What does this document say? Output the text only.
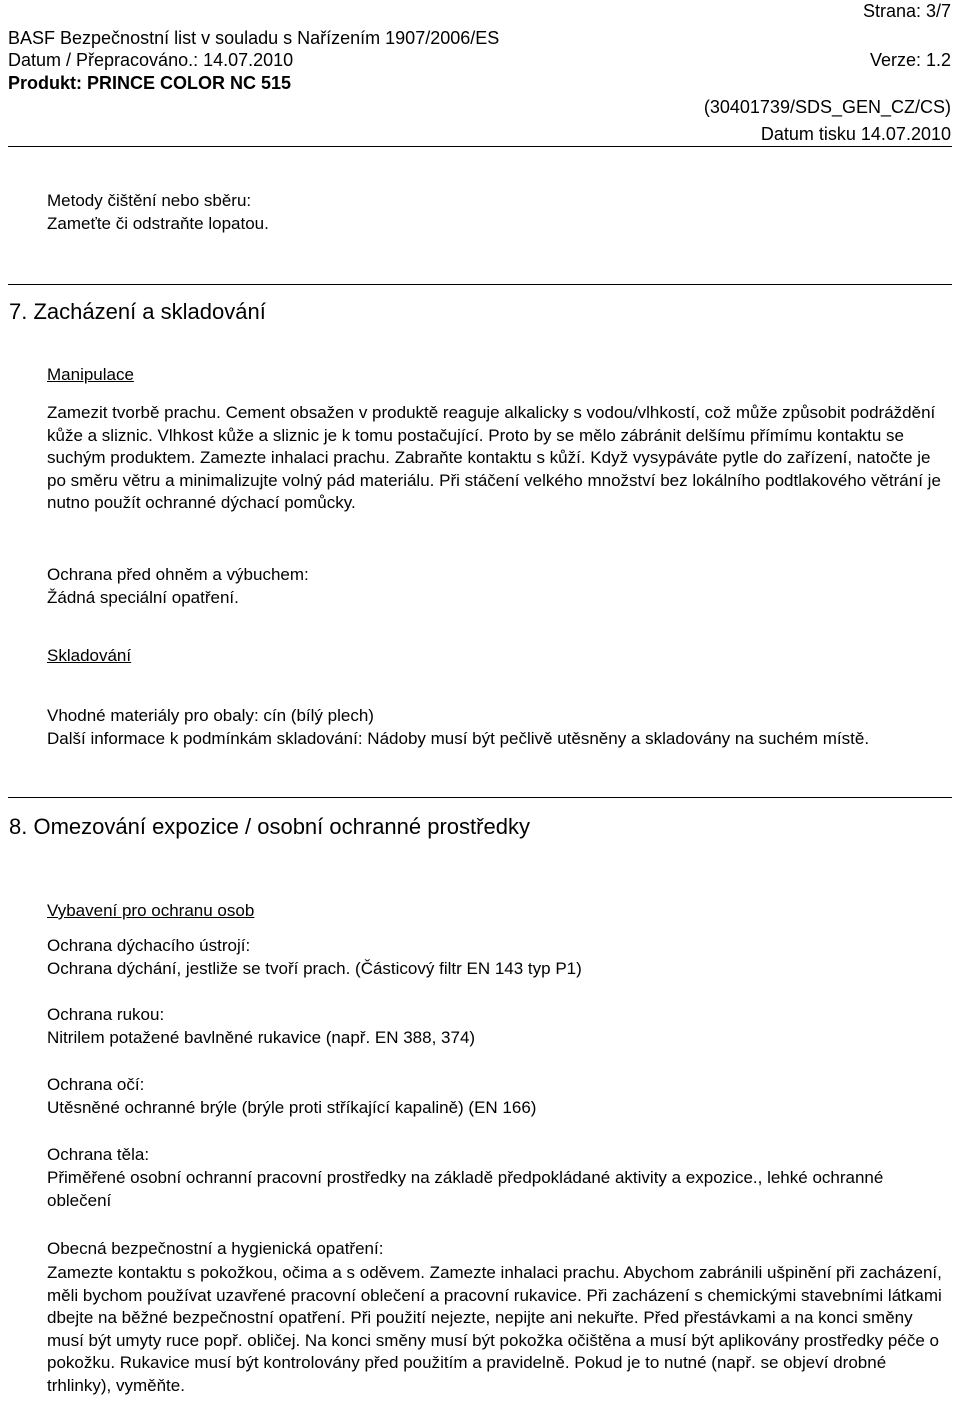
Strana: 3/7
BASF Bezpečnostní list v souladu s Nařízením 1907/2006/ES
Datum / Přepracováno.: 14.07.2010	Verze: 1.2
Produkt: PRINCE COLOR NC 515
(30401739/SDS_GEN_CZ/CS)
Datum tisku 14.07.2010
Metody čištění nebo sběru:
Zameťte či odstraňte lopatou.
7. Zacházení a skladování
Manipulace
Zamezit tvorbě prachu. Cement obsažen v produktě reaguje alkalicky s vodou/vlhkostí, což může způsobit podráždění kůže a sliznic. Vlhkost kůže a sliznic je k tomu postačující. Proto by se mělo zábránit delšímu přímímu kontaktu se suchým produktem. Zamezte inhalaci prachu. Zabraňte kontaktu s kůží. Když vysypáváte pytle do zařízení, natočte je po směru větru a minimalizujte volný pád materiálu. Při stáčení velkého množství bez lokálního podtlakového větrání je nutno použít ochranné dýchací pomůcky.
Ochrana před ohněm a výbuchem:
Žádná speciální opatření.
Skladování
Vhodné materiály pro obaly: cín (bílý plech)
Další informace k podmínkám skladování: Nádoby musí být pečlivě utěsněny a skladovány na suchém místě.
8. Omezování expozice / osobní ochranné prostředky
Vybavení pro ochranu osob
Ochrana dýchacího ústrojí:
Ochrana dýchání, jestliže se tvoří prach. (Částicový filtr EN 143 typ P1)
Ochrana rukou:
Nitrilem potažené bavlněné rukavice (např. EN 388, 374)
Ochrana očí:
Utěsněné ochranné brýle (brýle proti stříkající kapalině) (EN 166)
Ochrana těla:
Přiměřené osobní ochranní pracovní prostředky na základě předpokládané aktivity a expozice., lehké ochranné oblečení
Obecná bezpečnostní a hygienická opatření:
Zamezte kontaktu s pokožkou, očima a s oděvem. Zamezte inhalaci prachu. Abychom zabránili ušpinění při zacházení, měli bychom používat uzavřené pracovní oblečení a pracovní rukavice. Při zacházení s chemickými stavebními látkami dbejte na běžné bezpečnostní opatření. Při použití nejezte, nepijte ani nekuřte. Před přestávkami a na konci směny musí být umyty ruce popř. obličej. Na konci směny musí být pokožka očištěna a musí být aplikovány prostředky péče o pokožku. Rukavice musí být kontrolovány před použitím a pravidelně. Pokud je to nutné (např. se objeví drobné trhlinky), vyměňte.
